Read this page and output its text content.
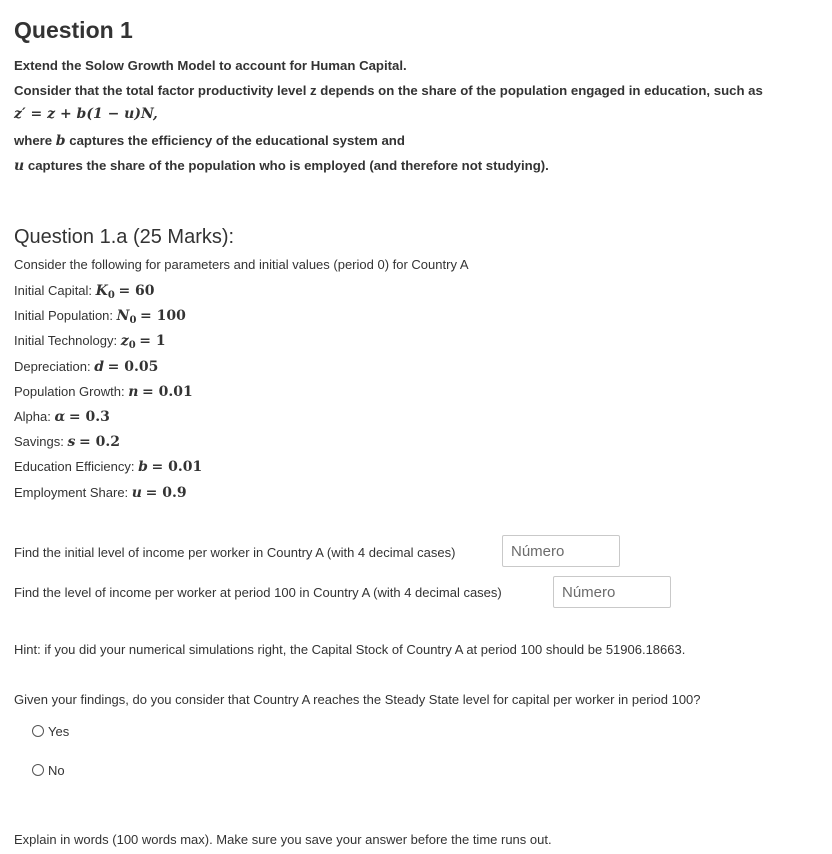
Question 1
Extend the Solow Growth Model to account for Human Capital.
Consider that the total factor productivity level z depends on the share of the population engaged in education, such as
z′ = z + b(1 − u)N,
where b captures the efficiency of the educational system and
u captures the share of the population who is employed (and therefore not studying).
Question 1.a (25 Marks):
Consider the following for parameters and initial values (period 0) for Country A
Initial Capital: $K_0 = 60$
Initial Population: $N_0 = 100$
Initial Technology: $z_0 = 1$
Depreciation: d = 0.05
Population Growth: n = 0.01
Alpha: α = 0.3
Savings: s = 0.2
Education Efficiency: b = 0.01
Employment Share: u = 0.9
Find the initial level of income per worker in Country A (with 4 decimal cases)
Número
Find the level of income per worker at period 100 in Country A (with 4 decimal cases)
Número
Hint: if you did your numerical simulations right, the Capital Stock of Country A at period 100 should be 51906.18663.
Given your findings, do you consider that Country A reaches the Steady State level for capital per worker in period 100?
Yes
No
Explain in words (100 words max). Make sure you save your answer before the time runs out.
